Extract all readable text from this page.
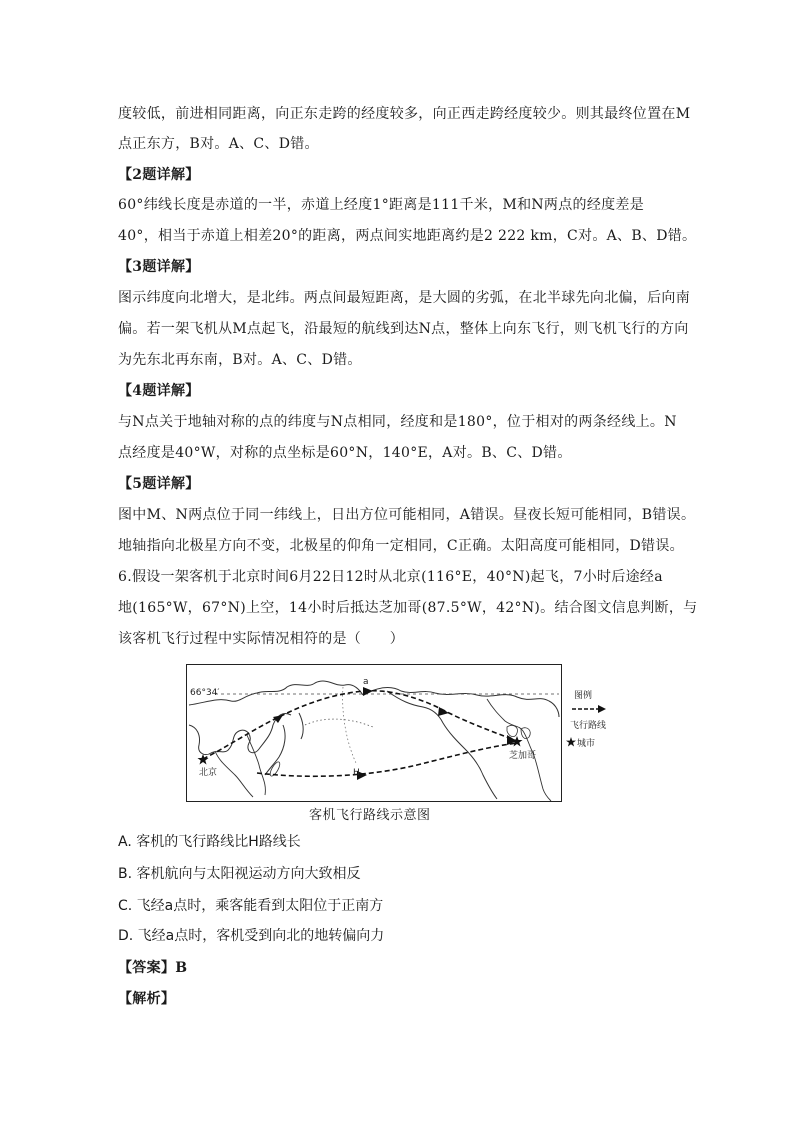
度较低，前进相同距离，向正东走跨的经度较多，向正西走跨经度较少。则其最终位置在M
点正东方，B对。A、C、D错。
【2题详解】
60°纬线长度是赤道的一半，赤道上经度1°距离是111千米，M和N两点的经度差是
40°，相当于赤道上相差20°的距离，两点间实地距离约是2 222 km，C对。A、B、D错。
【3题详解】
图示纬度向北增大，是北纬。两点间最短距离，是大圆的劣弧，在北半球先向北偏，后向南
偏。若一架飞机从M点起飞，沿最短的航线到达N点，整体上向东飞行，则飞机飞行的方向
为先东北再东南，B对。A、C、D错。
【4题详解】
与N点关于地轴对称的点的纬度与N点相同，经度和是180°，位于相对的两条经线上。N
点经度是40°W，对称的点坐标是60°N，140°E，A对。B、C、D错。
【5题详解】
图中M、N两点位于同一纬线上，日出方位可能相同，A错误。昼夜长短可能相同，B错误。
地轴指向北极星方向不变，北极星的仰角一定相同，C正确。太阳高度可能相同，D错误。
6.假设一架客机于北京时间6月22日12时从北京(116°E，40°N)起飞，7小时后途经a
地(165°W，67°N)上空，14小时后抵达芝加哥(87.5°W，42°N)。结合图文信息判断，与
该客机飞行过程中实际情况相符的是（　　）
66°34′
北京
芝加哥
a
H
图例
飞行路线
城市
客机飞行路线示意图
A. 客机的飞行路线比H路线长
B. 客机航向与太阳视运动方向大致相反
C. 飞经a点时，乘客能看到太阳位于正南方
D. 飞经a点时，客机受到向北的地转偏向力
【答案】B
【解析】
